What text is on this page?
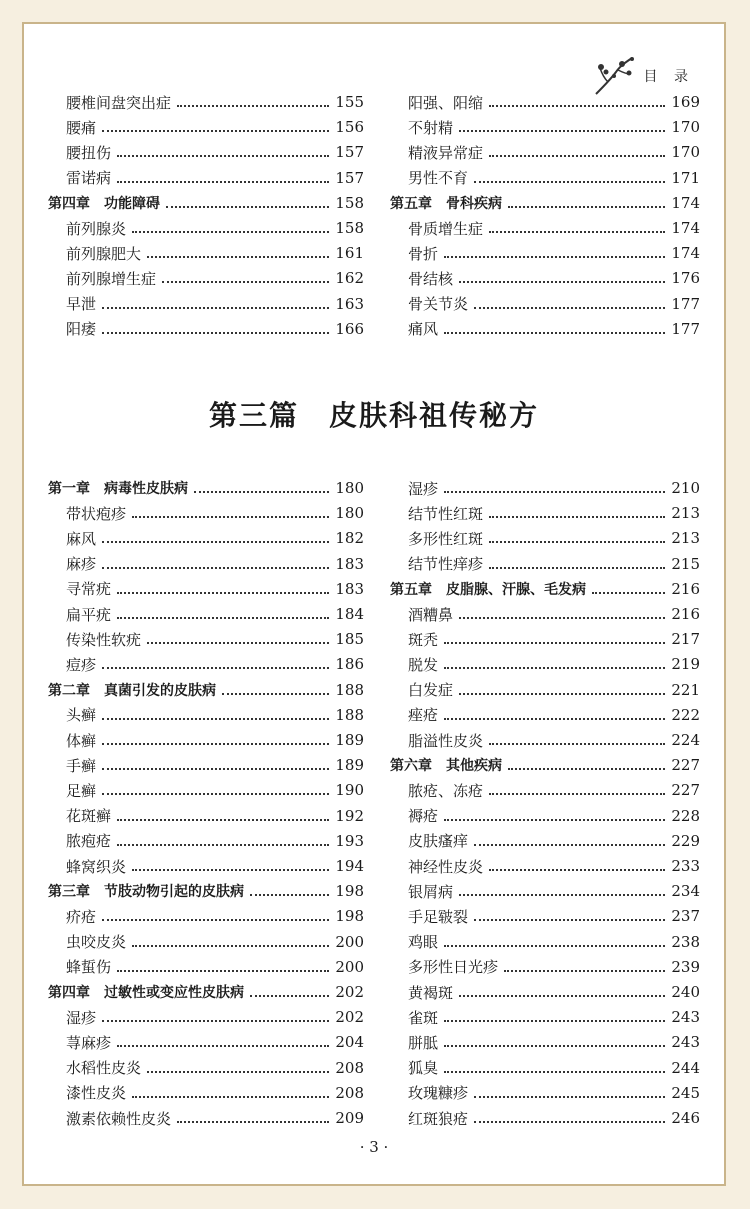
目 录
腰椎间盘突出症	155
腰痛	156
腰扭伤	157
雷诺病	157
第四章　功能障碍	158
前列腺炎	158
前列腺肥大	161
前列腺增生症	162
早泄	163
阳痿	166
阳强、阳缩	169
不射精	170
精液异常症	170
男性不育	171
第五章　骨科疾病	174
骨质增生症	174
骨折	174
骨结核	176
骨关节炎	177
痛风	177
第三篇　皮肤科祖传秘方
第一章　病毒性皮肤病	180
带状疱疹	180
麻风	182
麻疹	183
寻常疣	183
扁平疣	184
传染性软疣	185
痘疹	186
第二章　真菌引发的皮肤病	188
头癣	188
体癣	189
手癣	189
足癣	190
花斑癣	192
脓疱疮	193
蜂窝织炎	194
第三章　节肢动物引起的皮肤病	198
疥疮	198
虫咬皮炎	200
蜂蜇伤	200
第四章　过敏性或变应性皮肤病	202
湿疹	202
荨麻疹	204
水稻性皮炎	208
漆性皮炎	208
激素依赖性皮炎	209
湿疹	210
结节性红斑	213
多形性红斑	213
结节性痒疹	215
第五章　皮脂腺、汗腺、毛发病	216
酒糟鼻	216
斑秃	217
脱发	219
白发症	221
痤疮	222
脂溢性皮炎	224
第六章　其他疾病	227
脓疮、冻疮	227
褥疮	228
皮肤瘙痒	229
神经性皮炎	233
银屑病	234
手足皲裂	237
鸡眼	238
多形性日光疹	239
黄褐斑	240
雀斑	243
胼胝	243
狐臭	244
玫瑰糠疹	245
红斑狼疮	246
· 3 ·
